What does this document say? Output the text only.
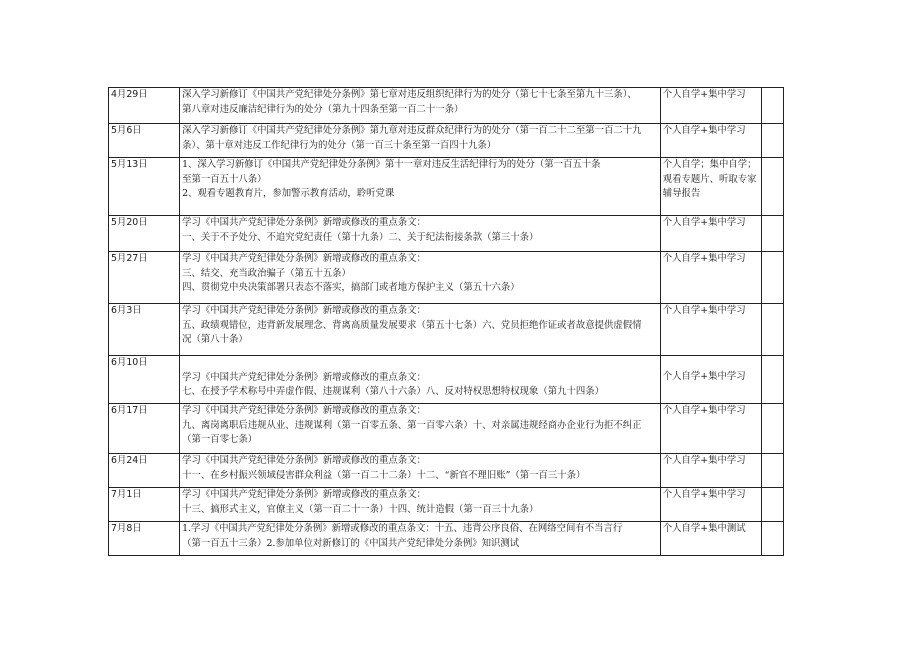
4月29日	深入学习新修订《中国共产党纪律处分条例》第七章对违反组织纪律行为的处分（第七十七条至第九十三条）、
第八章对违反廉洁纪律行为的处分（第九十四条至第一百二十一条）	个人自学+集中学习	
5月6日	深入学习新修订《中国共产党纪律处分条例》第九章对违反群众纪律行为的处分（第一百二十二至第一百二十九
条）、第十章对违反工作纪律行为的处分（第一百三十条至第一百四十九条）	个人自学+集中学习	
5月13日	1、深入学习新修订《中国共产党纪律处分条例》第十一章对违反生活纪律行为的处分（第一百五十条
至第一百五十八条）
2、观看专题教育片，参加警示教育活动，聆听党课	个人自学；集中自学；观看专题片、听取专家辅导报告	
5月20日	学习《中国共产党纪律处分条例》新增或修改的重点条文：
一、关于不予处分、不追究党纪责任（第十九条）二、关于纪法衔接条款（第三十条）	个人自学+集中学习	
5月27日	学习《中国共产党纪律处分条例》新增或修改的重点条文：
三、结交、充当政治骗子（第五十五条）
四、贯彻党中央决策部署只表态不落实，搞部门或者地方保护主义（第五十六条）	个人自学+集中学习	
6月3日	学习《中国共产党纪律处分条例》新增或修改的重点条文：
五、政绩观错位，违背新发展理念、背离高质量发展要求（第五十七条）六、党员拒绝作证或者故意提供虚假情
况（第八十条）	个人自学+集中学习	
6月10日	学习《中国共产党纪律处分条例》新增或修改的重点条文：
七、在授予学术称号中弄虚作假、违规谋利（第八十六条）八、反对特权思想特权现象（第九十四条）	个人自学+集中学习	
6月17日	学习《中国共产党纪律处分条例》新增或修改的重点条文：
九、离岗离职后违规从业、违规谋利（第一百零五条、第一百零六条）十、对亲属违规经商办企业行为拒不纠正
（第一百零七条）	个人自学+集中学习	
6月24日	学习《中国共产党纪律处分条例》新增或修改的重点条文：
十一、在乡村振兴领域侵害群众利益（第一百二十二条）十二、“新官不理旧账”（第一百三十条）	个人自学+集中学习	
7月1日	学习《中国共产党纪律处分条例》新增或修改的重点条文：
十三、搞形式主义，官僚主义（第一百二十一条）十四、统计造假（第一百三十九条）	个人自学+集中学习	
7月8日	1.学习《中国共产党纪律处分条例》新增或修改的重点条文：十五、违背公序良俗、在网络空间有不当言行
（第一百五十三条）2.参加单位对新修订的《中国共产党纪律处分条例》知识测试	个人自学+集中测试	
